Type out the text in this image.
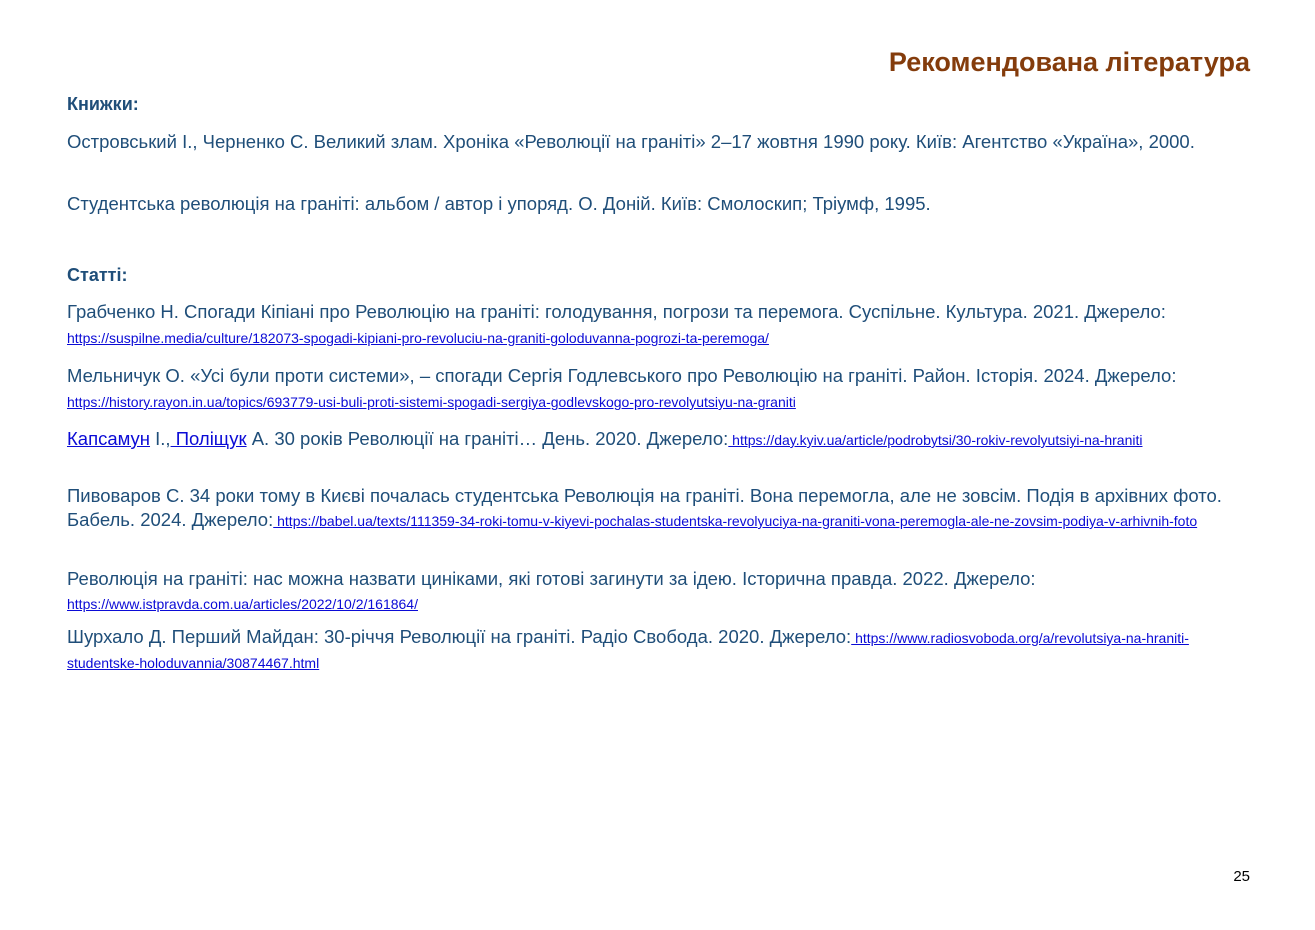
Рекомендована література
Книжки:
Островський І., Черненко С. Великий злам. Хроніка «Революції на граніті» 2–17 жовтня 1990 року. Київ: Агентство «Україна», 2000.
Студентська революція на граніті: альбом / автор і упоряд. О. Доній. Київ: Смолоскип; Тріумф, 1995.
Статті:
Грабченко Н. Спогади Кіпіані про Революцію на граніті: голодування, погрози та перемога. Суспільне. Культура. 2021. Джерело: https://suspilne.media/culture/182073-spogadi-kipiani-pro-revoluciu-na-graniti-goloduvanna-pogrozi-ta-peremoga/
Мельничук О. «Усі були проти системи», – спогади Сергія Годлевського про Революцію на граніті. Район. Історія. 2024. Джерело: https://history.rayon.in.ua/topics/693779-usi-buli-proti-sistemi-spogadi-sergiya-godlevskogo-pro-revolyutsiyu-na-graniti
Капсамун І., Поліщук А. 30 років Революції на граніті… День. 2020. Джерело: https://day.kyiv.ua/article/podrobytsi/30-rokiv-revolyutsiyi-na-hraniti
Пивоваров С. 34 роки тому в Києві почалась студентська Революція на граніті. Вона перемогла, але не зовсім. Подія в архівних фото. Бабель. 2024. Джерело: https://babel.ua/texts/111359-34-roki-tomu-v-kiyevi-pochalas-studentska-revolyuciya-na-graniti-vona-peremogla-ale-ne-zovsim-podiya-v-arhivnih-foto
Революція на граніті: нас можна назвати циніками, які готові загинути за ідею. Історична правда. 2022. Джерело: https://www.istpravda.com.ua/articles/2022/10/2/161864/
Шурхало Д. Перший Майдан: 30-річчя Революції на граніті. Радіо Свобода. 2020. Джерело: https://www.radiosvoboda.org/a/revolutsiya-na-hraniti-studentske-holoduvannia/30874467.html
25
